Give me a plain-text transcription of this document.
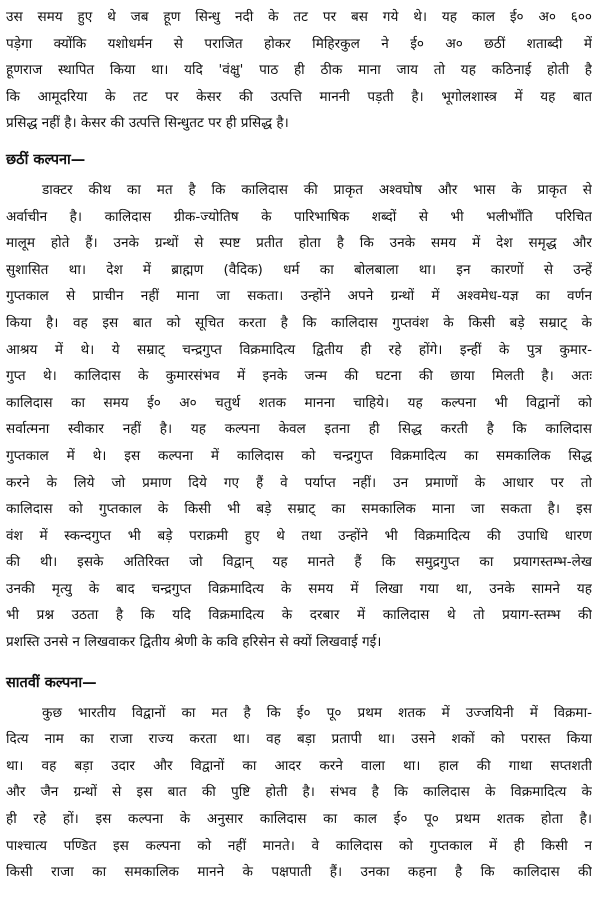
उस समय हुए थे जब हूण सिन्धु नदी के तट पर बस गये थे। यह काल ई० अ० ६००
पड़ेगा क्योंकि यशोधर्मन से पराजित होकर मिहिरकुल ने ई० अ० छठीं शताब्दी में
हूणराज स्थापित किया था। यदि 'वंक्षु' पाठ ही ठीक माना जाय तो यह कठिनाई होती है
कि आमूदरिया के तट पर केसर की उत्पत्ति माननी पड़ती है। भूगोलशास्त्र में यह बात
प्रसिद्ध नहीं है। केसर की उत्पत्ति सिन्धुतट पर ही प्रसिद्ध है।
छठीं कल्पना—
डाक्टर कीथ का मत है कि कालिदास की प्राकृत अश्वघोष और भास के प्राकृत से
अर्वाचीन है। कालिदास ग्रीक-ज्योतिष के पारिभाषिक शब्दों से भी भलीभाँति परिचित
मालूम होते हैं। उनके ग्रन्थों से स्पष्ट प्रतीत होता है कि उनके समय में देश समृद्ध और
सुशासित था। देश में ब्राह्मण (वैदिक) धर्म का बोलबाला था। इन कारणों से उन्हें
गुप्तकाल से प्राचीन नहीं माना जा सकता। उन्होंने अपने ग्रन्थों में अश्वमेध-यज्ञ का वर्णन
किया है। वह इस बात को सूचित करता है कि कालिदास गुप्तवंश के किसी बड़े सम्राट् के
आश्रय में थे। ये सम्राट् चन्द्रगुप्त विक्रमादित्य द्वितीय ही रहे होंगे। इन्हीं के पुत्र कुमार-
गुप्त थे। कालिदास के कुमारसंभव में इनके जन्म की घटना की छाया मिलती है। अतः
कालिदास का समय ई० अ० चतुर्थ शतक मानना चाहिये। यह कल्पना भी विद्वानों को
सर्वात्मना स्वीकार नहीं है। यह कल्पना केवल इतना ही सिद्ध करती है कि कालिदास
गुप्तकाल में थे। इस कल्पना में कालिदास को चन्द्रगुप्त विक्रमादित्य का समकालिक सिद्ध
करने के लिये जो प्रमाण दिये गए हैं वे पर्याप्त नहीं। उन प्रमाणों के आधार पर तो
कालिदास को गुप्तकाल के किसी भी बड़े सम्राट् का समकालिक माना जा सकता है। इस
वंश में स्कन्दगुप्त भी बड़े पराक्रमी हुए थे तथा उन्होंने भी विक्रमादित्य की उपाधि धारण
की थी। इसके अतिरिक्त जो विद्वान् यह मानते हैं कि समुद्रगुप्त का प्रयागस्तम्भ-लेख
उनकी मृत्यु के बाद चन्द्रगुप्त विक्रमादित्य के समय में लिखा गया था, उनके सामने यह
भी प्रश्न उठता है कि यदि विक्रमादित्य के दरबार में कालिदास थे तो प्रयाग-स्तम्भ की
प्रशस्ति उनसे न लिखवाकर द्वितीय श्रेणी के कवि हरिसेन से क्यों लिखवाई गई।
सातवीं कल्पना—
कुछ भारतीय विद्वानों का मत है कि ई० पू० प्रथम शतक में उज्जयिनी में विक्रमा-
दित्य नाम का राजा राज्य करता था। वह बड़ा प्रतापी था। उसने शकों को परास्त किया
था। वह बड़ा उदार और विद्वानों का आदर करने वाला था। हाल की गाथा सप्तशती
और जैन ग्रन्थों से इस बात की पुष्टि होती है। संभव है कि कालिदास के विक्रमादित्य के
ही रहे हों। इस कल्पना के अनुसार कालिदास का काल ई० पू० प्रथम शतक होता है।
पाश्चात्य पण्डित इस कल्पना को नहीं मानते। वे कालिदास को गुप्तकाल में ही किसी न
किसी राजा का समकालिक मानने के पक्षपाती हैं। उनका कहना है कि कालिदास की
